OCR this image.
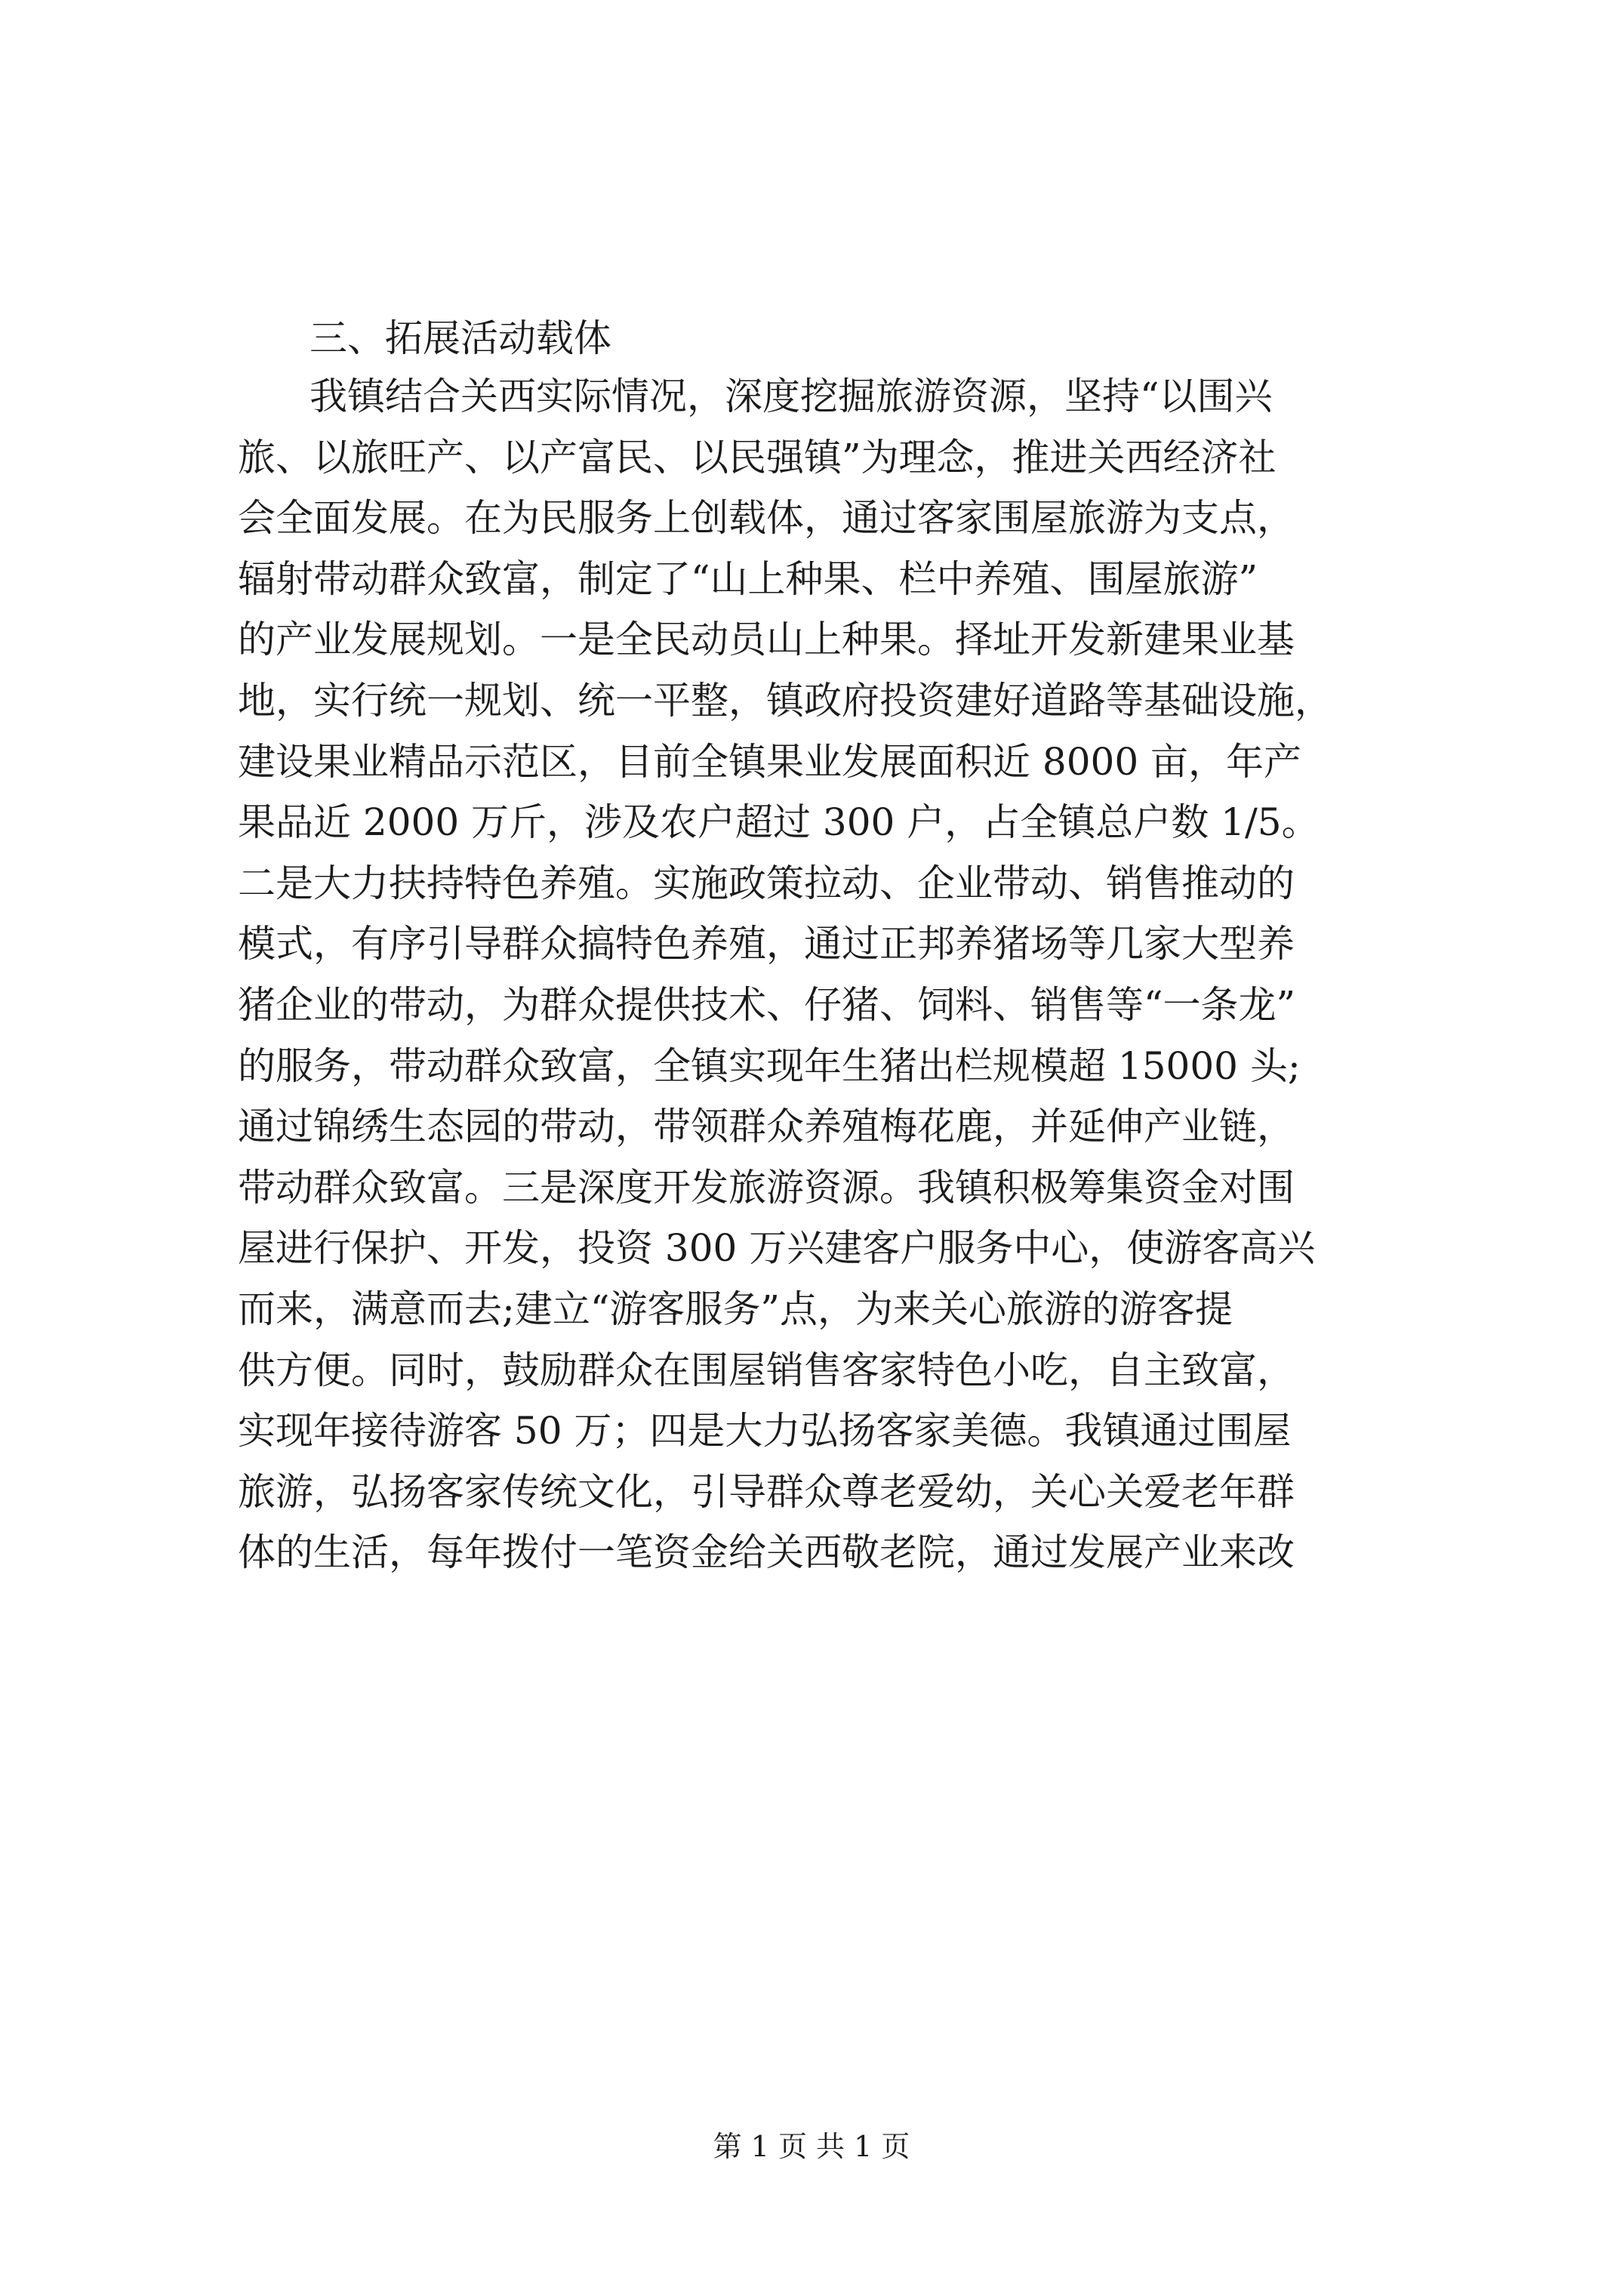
三、拓展活动载体
我镇结合关西实际情况，深度挖掘旅游资源，坚持“以围兴
旅、以旅旺产、以产富民、以民强镇”为理念，推进关西经济社
会全面发展。在为民服务上创载体，通过客家围屋旅游为支点，
辐射带动群众致富，制定了“山上种果、栏中养殖、围屋旅游”
的产业发展规划。一是全民动员山上种果。择址开发新建果业基
地，实行统一规划、统一平整，镇政府投资建好道路等基础设施，
建设果业精品示范区，目前全镇果业发展面积近 8000 亩，年产
果品近 2000 万斤，涉及农户超过 300 户，占全镇总户数 1/5。
二是大力扶持特色养殖。实施政策拉动、企业带动、销售推动的
模式，有序引导群众搞特色养殖，通过正邦养猪场等几家大型养
猪企业的带动，为群众提供技术、仔猪、饲料、销售等“一条龙”
的服务，带动群众致富，全镇实现年生猪出栏规模超 15000 头;
通过锦绣生态园的带动，带领群众养殖梅花鹿，并延伸产业链，
带动群众致富。三是深度开发旅游资源。我镇积极筹集资金对围
屋进行保护、开发，投资 300 万兴建客户服务中心，使游客高兴
而来，满意而去;建立“游客服务”点，为来关心旅游的游客提
供方便。同时，鼓励群众在围屋销售客家特色小吃，自主致富，
实现年接待游客 50 万；四是大力弘扬客家美德。我镇通过围屋
旅游，弘扬客家传统文化，引导群众尊老爱幼，关心关爱老年群
体的生活，每年拨付一笔资金给关西敬老院，通过发展产业来改
第 1 页 共 1 页
